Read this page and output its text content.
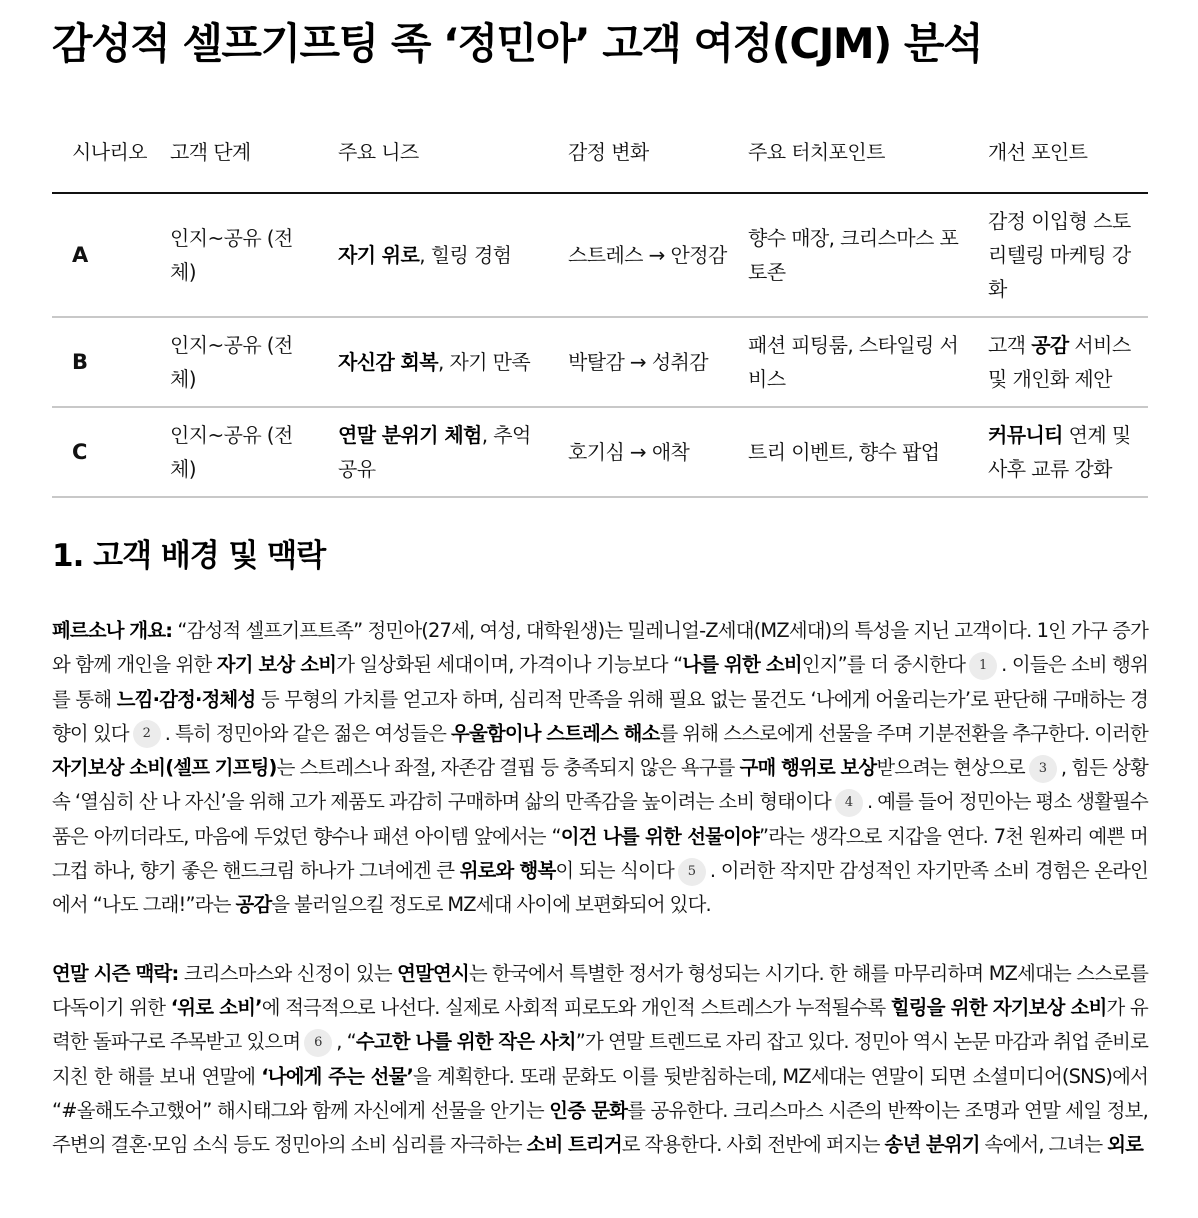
감성적 셀프기프팅 족 ‘정민아’ 고객 여정(CJM) 분석
시나리오	고객 단계	주요 니즈	감정 변화	주요 터치포인트	개선 포인트
A	인지~공유 (전체)	자기 위로, 힐링 경험	스트레스 → 안정감	향수 매장, 크리스마스 포토존	감정 이입형 스토리텔링 마케팅 강화
B	인지~공유 (전체)	자신감 회복, 자기 만족	박탈감 → 성취감	패션 피팅룸, 스타일링 서비스	고객 공감 서비스 및 개인화 제안
C	인지~공유 (전체)	연말 분위기 체험, 추억 공유	호기심 → 애착	트리 이벤트, 향수 팝업	커뮤니티 연계 및 사후 교류 강화
1. 고객 배경 및 맥락

페르소나 개요: “감성적 셀프기프트족” 정민아(27세, 여성, 대학원생)는 밀레니얼-Z세대(MZ세대)의 특성을 지닌 고객이다. 1인 가구 증가와 함께 개인을 위한 자기 보상 소비가 일상화된 세대이며, 가격이나 기능보다 “나를 위한 소비인지”를 더 중시한다 1 . 이들은 소비 행위를 통해 느낌·감정·정체성 등 무형의 가치를 얻고자 하며, 심리적 만족을 위해 필요 없는 물건도 ‘나에게 어울리는가’로 판단해 구매하는 경향이 있다 2 . 특히 정민아와 같은 젊은 여성들은 우울함이나 스트레스 해소를 위해 스스로에게 선물을 주며 기분전환을 추구한다. 이러한 자기보상 소비(셀프 기프팅)는 스트레스나 좌절, 자존감 결핍 등 충족되지 않은 욕구를 구매 행위로 보상받으려는 현상으로 3 , 힘든 상황 속 ‘열심히 산 나 자신’을 위해 고가 제품도 과감히 구매하며 삶의 만족감을 높이려는 소비 형태이다 4 . 예를 들어 정민아는 평소 생활필수품은 아끼더라도, 마음에 두었던 향수나 패션 아이템 앞에서는 “이건 나를 위한 선물이야”라는 생각으로 지갑을 연다. 7천 원짜리 예쁜 머그컵 하나, 향기 좋은 핸드크림 하나가 그녀에겐 큰 위로와 행복이 되는 식이다 5 . 이러한 작지만 감성적인 자기만족 소비 경험은 온라인에서 “나도 그래!”라는 공감을 불러일으킬 정도로 MZ세대 사이에 보편화되어 있다.

연말 시즌 맥락: 크리스마스와 신정이 있는 연말연시는 한국에서 특별한 정서가 형성되는 시기다. 한 해를 마무리하며 MZ세대는 스스로를 다독이기 위한 ‘위로 소비’에 적극적으로 나선다. 실제로 사회적 피로도와 개인적 스트레스가 누적될수록 힐링을 위한 자기보상 소비가 유력한 돌파구로 주목받고 있으며 6 , “수고한 나를 위한 작은 사치”가 연말 트렌드로 자리 잡고 있다. 정민아 역시 논문 마감과 취업 준비로 지친 한 해를 보내 연말에 ‘나에게 주는 선물’을 계획한다. 또래 문화도 이를 뒷받침하는데, MZ세대는 연말이 되면 소셜미디어(SNS)에서 “#올해도수고했어” 해시태그와 함께 자신에게 선물을 안기는 인증 문화를 공유한다. 크리스마스 시즌의 반짝이는 조명과 연말 세일 정보, 주변의 결혼·모임 소식 등도 정민아의 소비 심리를 자극하는 소비 트리거로 작용한다. 사회 전반에 퍼지는 송년 분위기 속에서, 그녀는 외로
